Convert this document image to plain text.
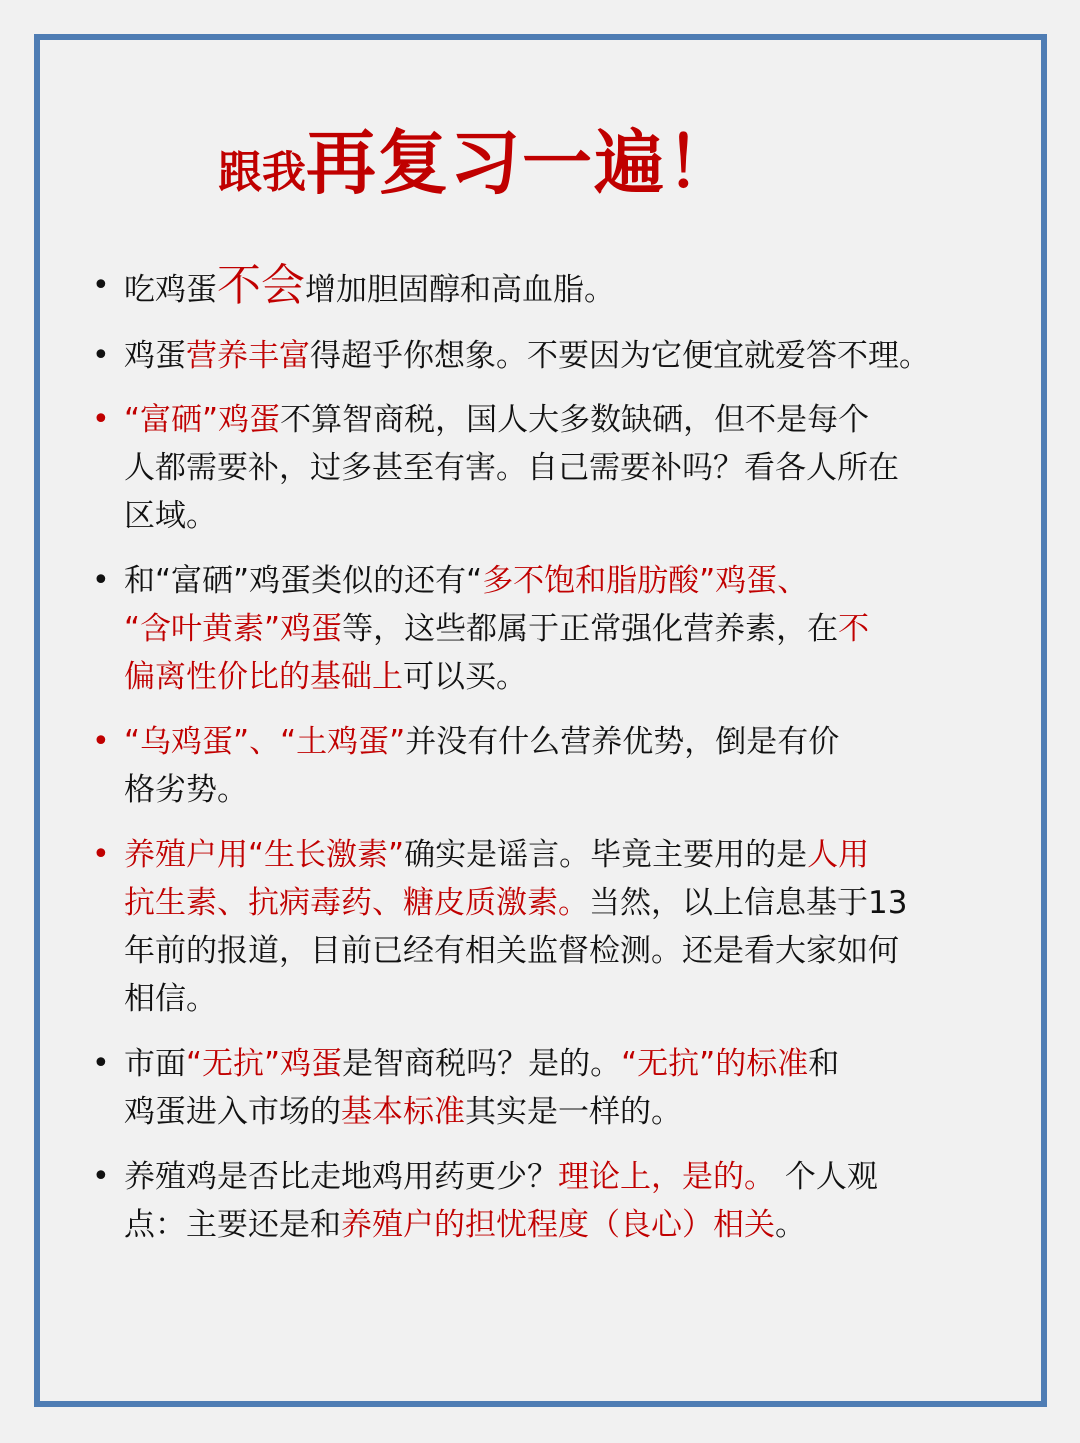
跟我再复习一遍！
• 吃鸡蛋不会增加胆固醇和高血脂。
• 鸡蛋营养丰富得超乎你想象。不要因为它便宜就爱答不理。
• “富硒”鸡蛋不算智商税，国人大多数缺硒，但不是每个
人都需要补，过多甚至有害。自己需要补吗？看各人所在
区域。
• 和“富硒”鸡蛋类似的还有“多不饱和脂肪酸”鸡蛋、
“含叶黄素”鸡蛋等，这些都属于正常强化营养素，在不
偏离性价比的基础上可以买。
• “乌鸡蛋”、“土鸡蛋”并没有什么营养优势，倒是有价
格劣势。
• 养殖户用“生长激素”确实是谣言。毕竟主要用的是人用
抗生素、抗病毒药、糖皮质激素。当然，以上信息基于13
年前的报道，目前已经有相关监督检测。还是看大家如何
相信。
• 市面“无抗”鸡蛋是智商税吗？是的。“无抗”的标准和
鸡蛋进入市场的基本标准其实是一样的。
• 养殖鸡是否比走地鸡用药更少？理论上，是的。 个人观
点：主要还是和养殖户的担忧程度（良心）相关。
